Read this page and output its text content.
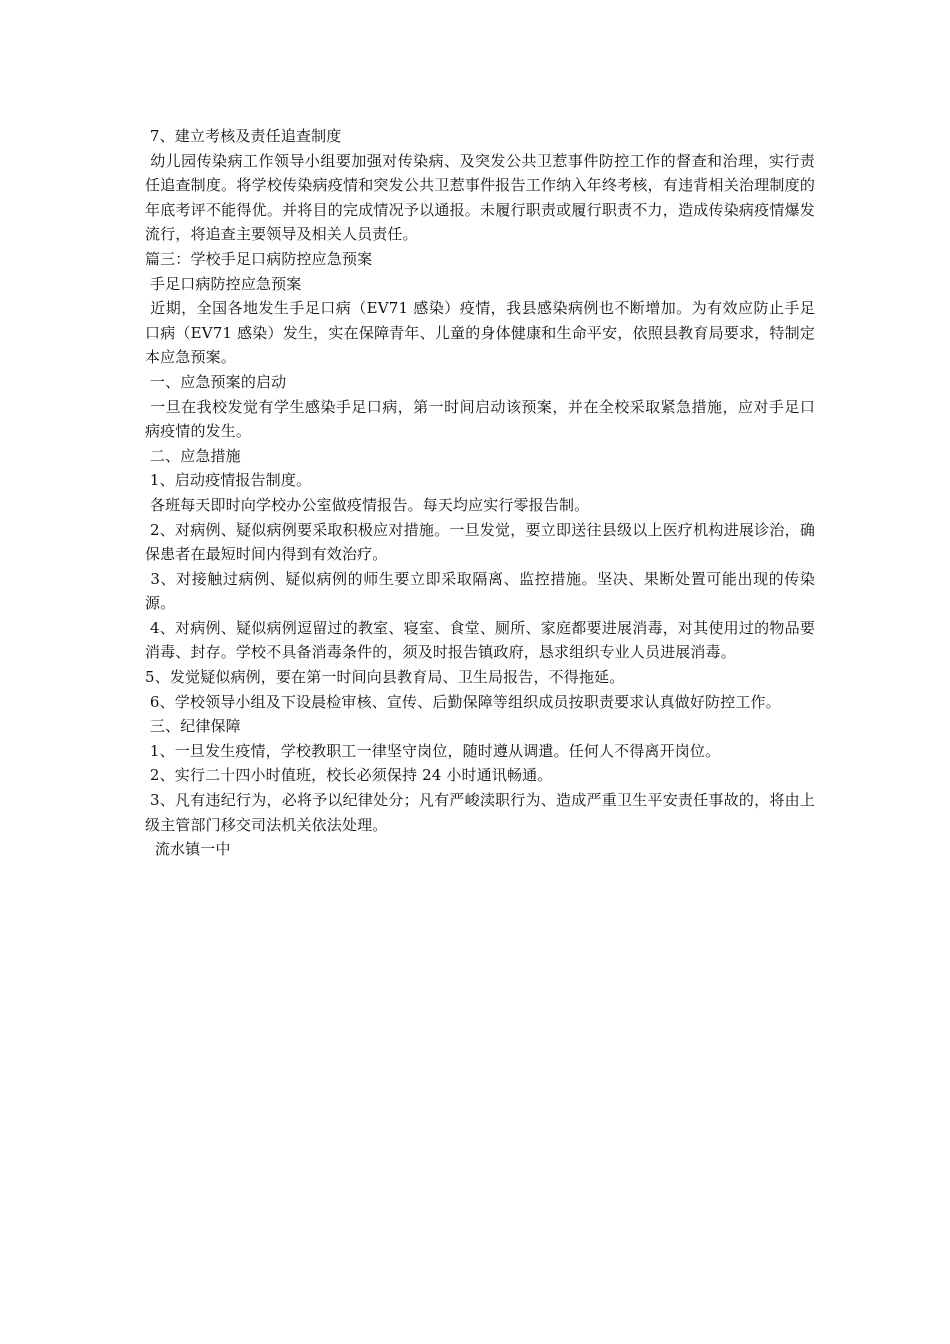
7、建立考核及责任追查制度

幼儿园传染病工作领导小组要加强对传染病、及突发公共卫惹事件防控工作的督查和治理，实行责任追查制度。将学校传染病疫情和突发公共卫惹事件报告工作纳入年终考核，有违背相关治理制度的年底考评不能得优。并将目的完成情况予以通报。未履行职责或履行职责不力，造成传染病疫情爆发流行，将追查主要领导及相关人员责任。

篇三：学校手足口病防控应急预案

手足口病防控应急预案

近期，全国各地发生手足口病（EV71 感染）疫情，我县感染病例也不断增加。为有效应防止手足口病（EV71 感染）发生，实在保障青年、儿童的身体健康和生命平安，依照县教育局要求，特制定本应急预案。

一、应急预案的启动

一旦在我校发觉有学生感染手足口病，第一时间启动该预案，并在全校采取紧急措施，应对手足口病疫情的发生。

二、应急措施

1、启动疫情报告制度。

各班每天即时向学校办公室做疫情报告。每天均应实行零报告制。

2、对病例、疑似病例要采取积极应对措施。一旦发觉，要立即送往县级以上医疗机构进展诊治，确保患者在最短时间内得到有效治疗。

3、对接触过病例、疑似病例的师生要立即采取隔离、监控措施。坚决、果断处置可能出现的传染源。

4、对病例、疑似病例逗留过的教室、寝室、食堂、厕所、家庭都要进展消毒，对其使用过的物品要消毒、封存。学校不具备消毒条件的，须及时报告镇政府，恳求组织专业人员进展消毒。

5、发觉疑似病例，要在第一时间向县教育局、卫生局报告，不得拖延。

6、学校领导小组及下设晨检审核、宣传、后勤保障等组织成员按职责要求认真做好防控工作。

三、纪律保障

1、一旦发生疫情，学校教职工一律坚守岗位，随时遵从调遣。任何人不得离开岗位。

2、实行二十四小时值班，校长必须保持 24 小时通讯畅通。

3、凡有违纪行为，必将予以纪律处分；凡有严峻渎职行为、造成严重卫生平安责任事故的，将由上级主管部门移交司法机关依法处理。

流水镇一中
